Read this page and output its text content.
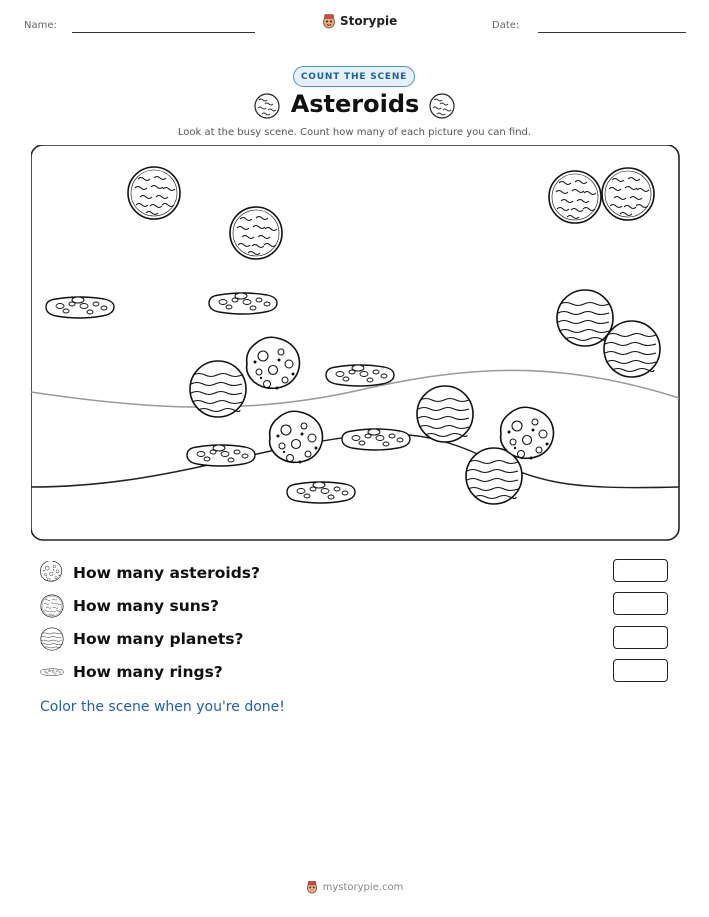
Name:	Storypie	Date:
COUNT THE SCENE
Asteroids
Look at the busy scene. Count how many of each picture you can find.
How many asteroids?
How many suns?
How many planets?
How many rings?
Color the scene when you're done!
mystorypie.com
